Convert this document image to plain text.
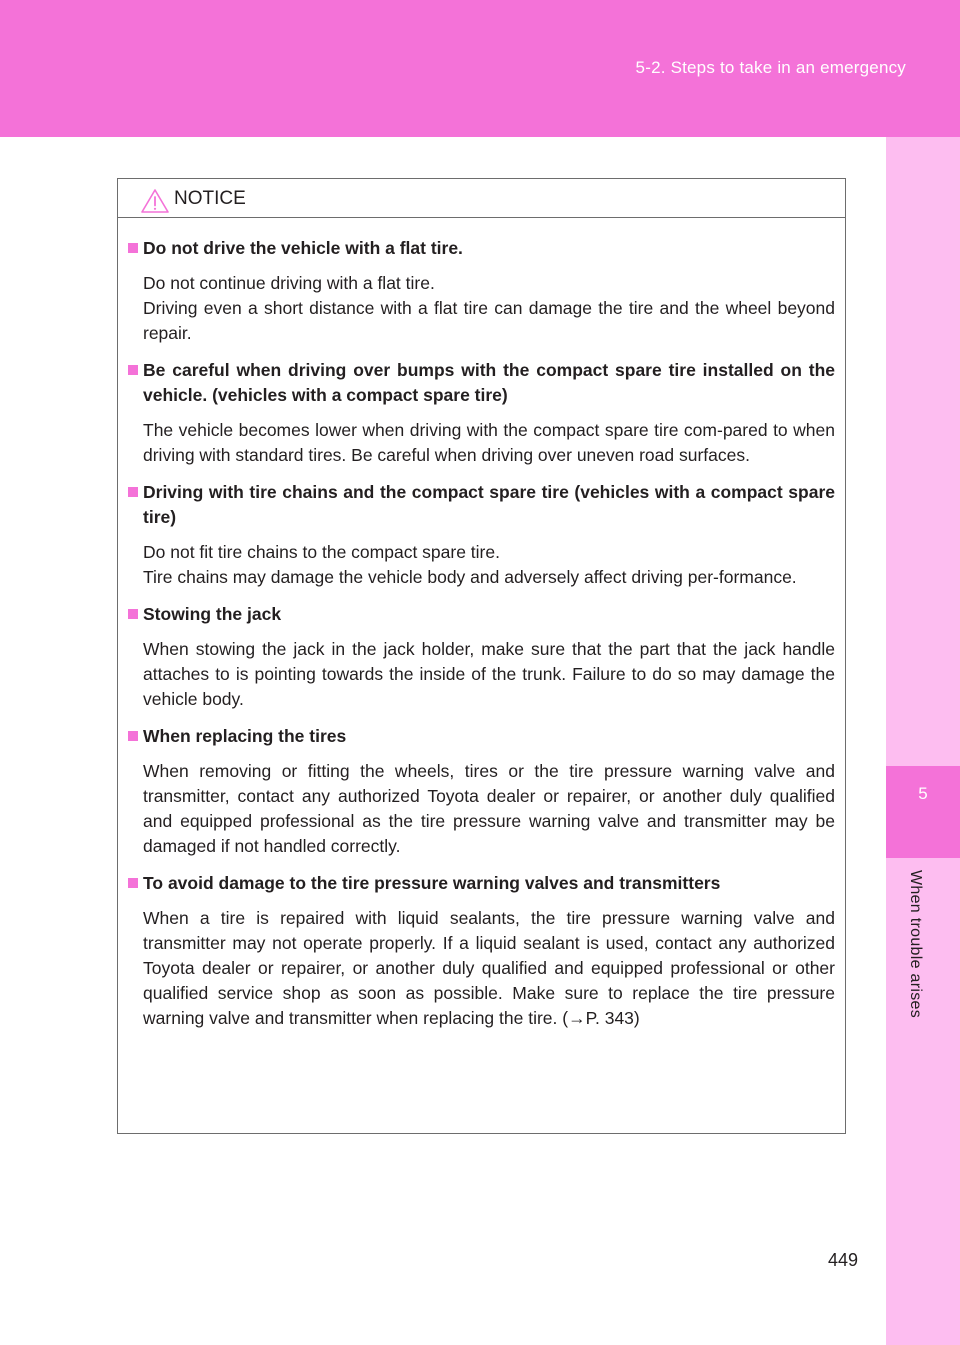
5-2. Steps to take in an emergency
5
When trouble arises
NOTICE
Do not drive the vehicle with a flat tire.

Do not continue driving with a flat tire.

Driving even a short distance with a flat tire can damage the tire and the wheel beyond repair.

Be careful when driving over bumps with the compact spare tire installed on the vehicle. (vehicles with a compact spare tire)

The vehicle becomes lower when driving with the compact spare tire com-pared to when driving with standard tires. Be careful when driving over uneven road surfaces.

Driving with tire chains and the compact spare tire (vehicles with a compact spare tire)

Do not fit tire chains to the compact spare tire.

Tire chains may damage the vehicle body and adversely affect driving per-formance.

Stowing the jack

When stowing the jack in the jack holder, make sure that the part that the jack handle attaches to is pointing towards the inside of the trunk. Failure to do so may damage the vehicle body.

When replacing the tires

When removing or fitting the wheels, tires or the tire pressure warning valve and transmitter, contact any authorized Toyota dealer or repairer, or another duly qualified and equipped professional as the tire pressure warning valve and transmitter may be damaged if not handled correctly.

To avoid damage to the tire pressure warning valves and transmitters

When a tire is repaired with liquid sealants, the tire pressure warning valve and transmitter may not operate properly. If a liquid sealant is used, contact any authorized Toyota dealer or repairer, or another duly qualified and equipped professional or other qualified service shop as soon as possible. Make sure to replace the tire pressure warning valve and transmitter when replacing the tire. (→P. 343)

449
